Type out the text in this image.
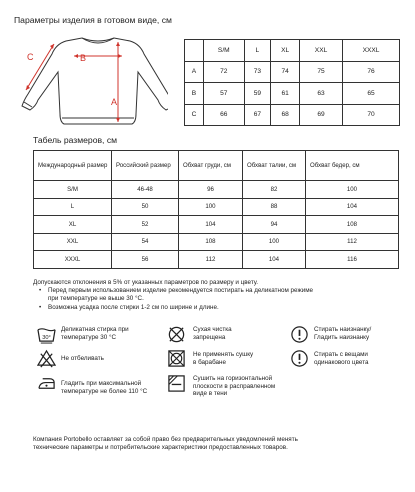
Параметры изделия в готовом виде, см
C	B
A
	S/M	L	XL	XXL	XXXL
A	72	73	74	75	76
B	57	59	61	63	65
C	66	67	68	69	70
Табель размеров, см
Международный размер	Российский размер	Обхват груди, см	Обхват талии, см	Обхват бедер, см
S/M	46-48	96	82	100
L	50	100	88	104
XL	52	104	94	108
XXL	54	108	100	112
XXXL	56	112	104	116
Допускаются отклонения в 5% от указанных параметров по размеру и цвету.
• Перед первым использованием изделие рекомендуется постирать на деликатном режиме
при температуре не выше 30 °С.
• Возможна усадка после стирки 1-2 см по ширине и длине.
30°
Деликатная стирка при
температуре 30 °С
Сухая чистка
запрещена
Стирать наизнанку/
Гладить наизнанку
Не отбеливать
Не применять сушку
в барабане
Стирать с вещами
одинакового цвета
Гладить при максимальной
температуре не более 110 °С
Сушить на горизонтальной
плоскости в расправленном
виде в тени
Компания Portobello оставляет за собой право без предварительных уведомлений менять
технические параметры и потребительские характеристики предоставленных товаров.
